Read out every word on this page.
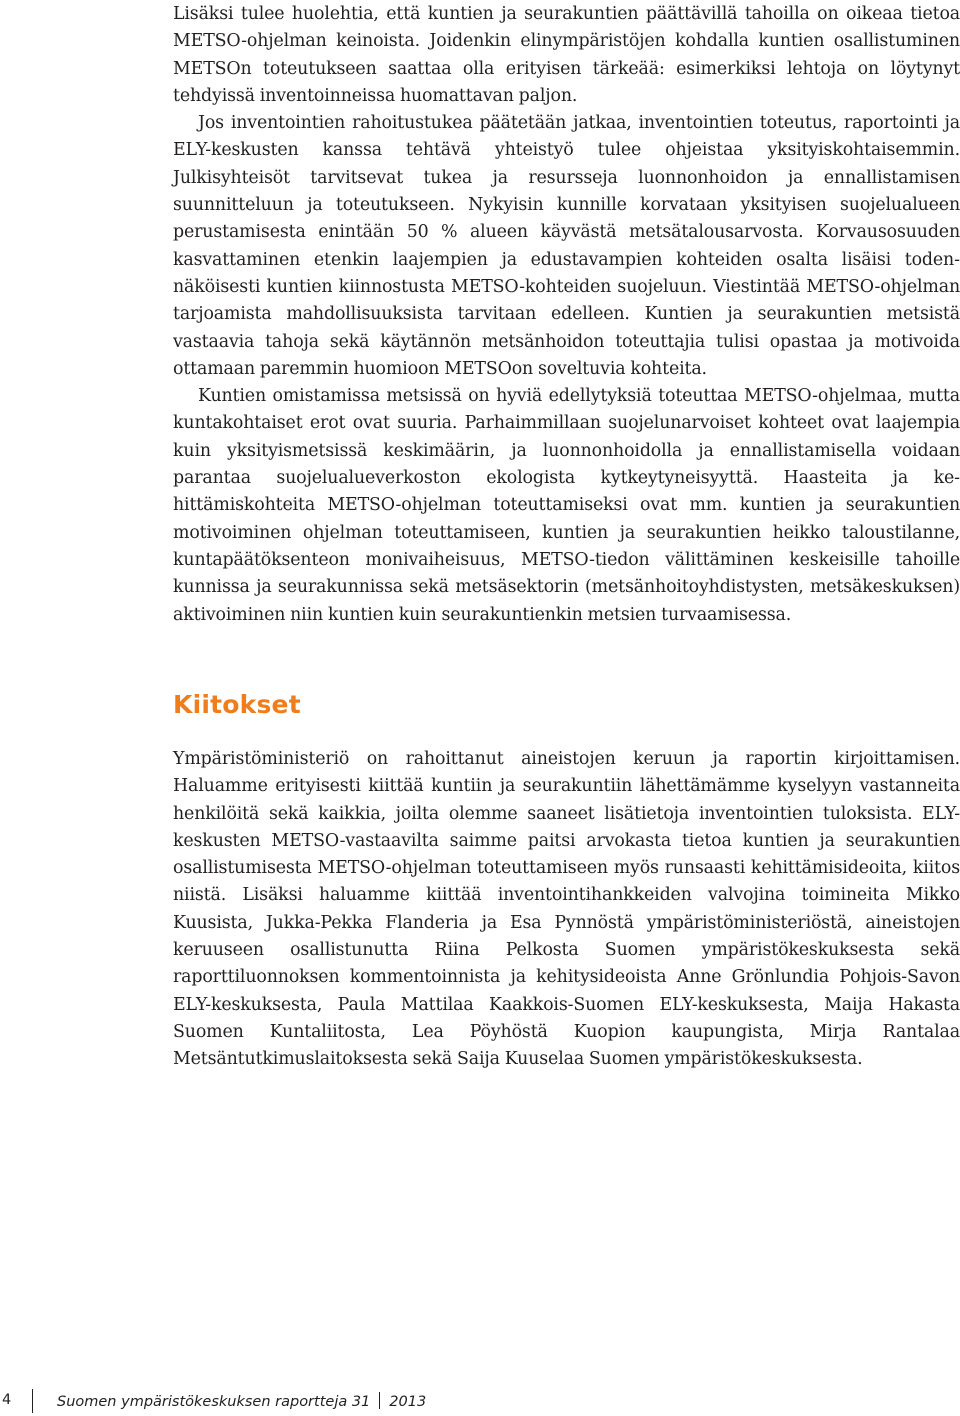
Lisäksi tulee huolehtia, että kuntien ja seurakuntien päättävillä tahoilla on oikeaa tietoa METSO-ohjelman keinoista. Joidenkin elinympäristöjen kohdalla kuntien osallistuminen METSOn toteutukseen saattaa olla erityisen tärkeää: esimerkiksi lehtoja on löytynyt tehdyissä inventoinneissa huomattavan paljon.

Jos inventointien rahoitustukea päätetään jatkaa, inventointien toteutus, raportointi ja ELY-keskusten kanssa tehtävä yhteistyö tulee ohjeistaa yksityiskohtaisemmin. Julkisyhteisöt tarvitsevat tukea ja resursseja luonnonhoidon ja ennallistamisen suunnitteluun ja toteutukseen. Nykyisin kunnille korvataan yksityisen suojelualueen perustamisesta enintään 50 % alueen käyvästä metsätalousarvosta. Korvausosuuden kasvattaminen etenkin laajempien ja edustavampien kohteiden osalta lisäisi todennäköisesti kuntien kiinnostusta METSO-kohteiden suojeluun. Viestintää METSO-ohjelman tarjoamista mahdollisuuksista tarvitaan edelleen. Kuntien ja seurakuntien metsistä vastaavia tahoja sekä käytännön metsänhoidon toteuttajia tulisi opastaa ja motivoida ottamaan paremmin huomioon METSOon soveltuvia kohteita.

Kuntien omistamissa metsissä on hyviä edellytyksiä toteuttaa METSO-ohjelmaa, mutta kuntakohtaiset erot ovat suuria. Parhaimmillaan suojelunarvoiset kohteet ovat laajempia kuin yksityismetsissä keskimäärin, ja luonnonhoidolla ja ennallistamisella voidaan parantaa suojelualueverkoston ekologista kytkeytyneisyyttä. Haasteita ja kehittämiskohteita METSO-ohjelman toteuttamiseksi ovat mm. kuntien ja seurakuntien motivoiminen ohjelman toteuttamiseen, kuntien ja seurakuntien heikko taloustilanne, kuntapäätöksenteon monivaiheisuus, METSO-tiedon välittäminen keskeisille tahoille kunnissa ja seurakunnissa sekä metsäsektorin (metsänhoitoyhdistysten, metsäkeskuksen) aktivoiminen niin kuntien kuin seurakuntienkin metsien turvaamisessa.

Kiitokset

Ympäristöministeriö on rahoittanut aineistojen keruun ja raportin kirjoittamisen. Haluamme erityisesti kiittää kuntiin ja seurakuntiin lähettämämme kyselyyn vastanneita henkilöitä sekä kaikkia, joilta olemme saaneet lisätietoja inventointien tuloksista. ELY-keskusten METSO-vastaavilta saimme paitsi arvokasta tietoa kuntien ja seurakuntien osallistumisesta METSO-ohjelman toteuttamiseen myös runsaasti kehittämisideoita, kiitos niistä. Lisäksi haluamme kiittää inventointihankkeiden valvojina toimineita Mikko Kuusista, Jukka-Pekka Flanderia ja Esa Pynnöstä ympäristöministeriöstä, aineistojen keruuseen osallistunutta Riina Pelkosta Suomen ympäristökeskuksesta sekä raporttiluonnoksen kommentoinnista ja kehitysideoista Anne Grönlundia Pohjois-Savon ELY-keskuksesta, Paula Mattilaa Kaakkois-Suomen ELY-keskuksesta, Maija Hakasta Suomen Kuntaliitosta, Lea Pöyhöstä Kuopion kaupungista, Mirja Rantalaa Metsäntutkimuslaitoksesta sekä Saija Kuuselaa Suomen ympäristökeskuksesta.

4	Suomen ympäristökeskuksen raportteja 31 2013
